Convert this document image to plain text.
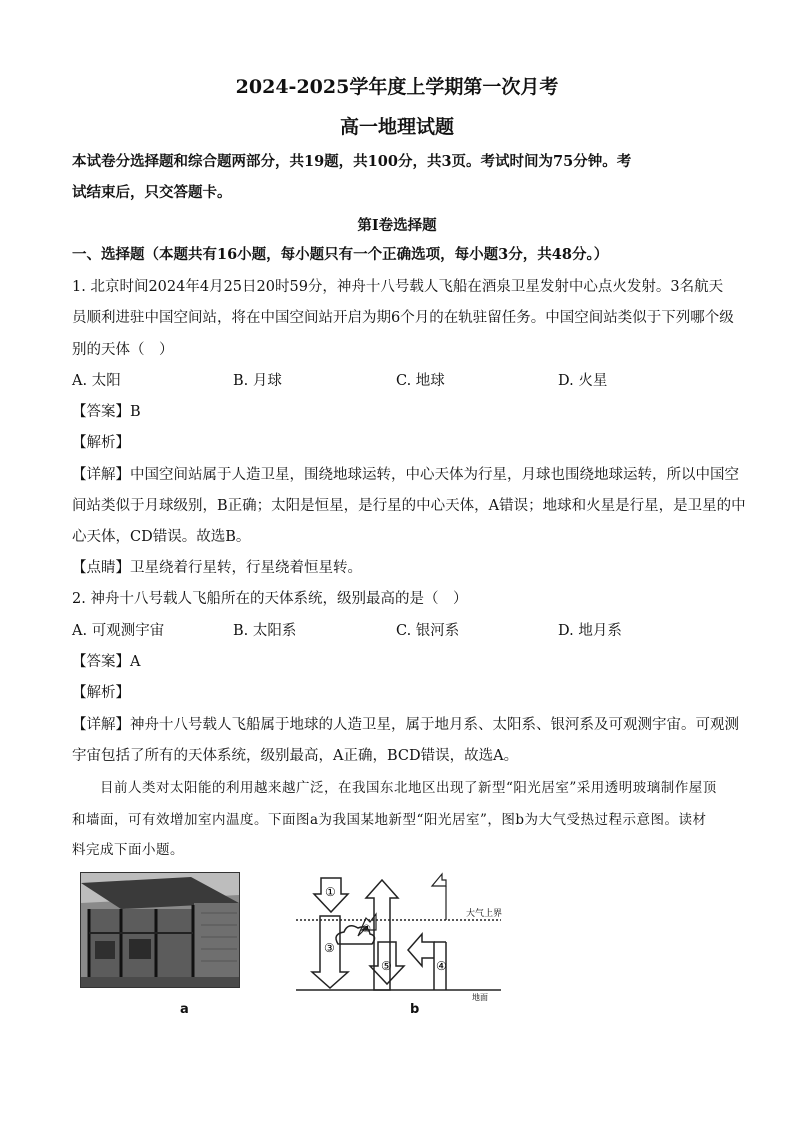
2024-2025学年度上学期第一次月考
高一地理试题
本试卷分选择题和综合题两部分，共19题，共100分，共3页。考试时间为75分钟。考
试结束后，只交答题卡。
第Ⅰ卷选择题
一、选择题（本题共有16小题，每小题只有一个正确选项，每小题3分，共48分。）
1. 北京时间2024年4月25日20时59分，神舟十八号载人飞船在酒泉卫星发射中心点火发射。3名航天
员顺利进驻中国空间站，将在中国空间站开启为期6个月的在轨驻留任务。中国空间站类似于下列哪个级
别的天体（　）
A. 太阳	B. 月球	C. 地球	D. 火星
【答案】B
【解析】
【详解】中国空间站属于人造卫星，围绕地球运转，中心天体为行星，月球也围绕地球运转，所以中国空
间站类似于月球级别，B正确；太阳是恒星，是行星的中心天体，A错误；地球和火星是行星，是卫星的中
心天体，CD错误。故选B。
【点睛】卫星绕着行星转，行星绕着恒星转。
2. 神舟十八号载人飞船所在的天体系统，级别最高的是（　）
A. 可观测宇宙	B. 太阳系	C. 银河系	D. 地月系
【答案】A
【解析】
【详解】神舟十八号载人飞船属于地球的人造卫星，属于地月系、太阳系、银河系及可观测宇宙。可观测
宇宙包括了所有的天体系统，级别最高，A正确，BCD错误，故选A。
目前人类对太阳能的利用越来越广泛，在我国东北地区出现了新型“阳光居室”采用透明玻璃制作屋顶
和墙面，可有效增加室内温度。下面图a为我国某地新型“阳光居室”，图b为大气受热过程示意图。读材
料完成下面小题。
a
①
②
③
④
⑤
大气上界
地面
b
